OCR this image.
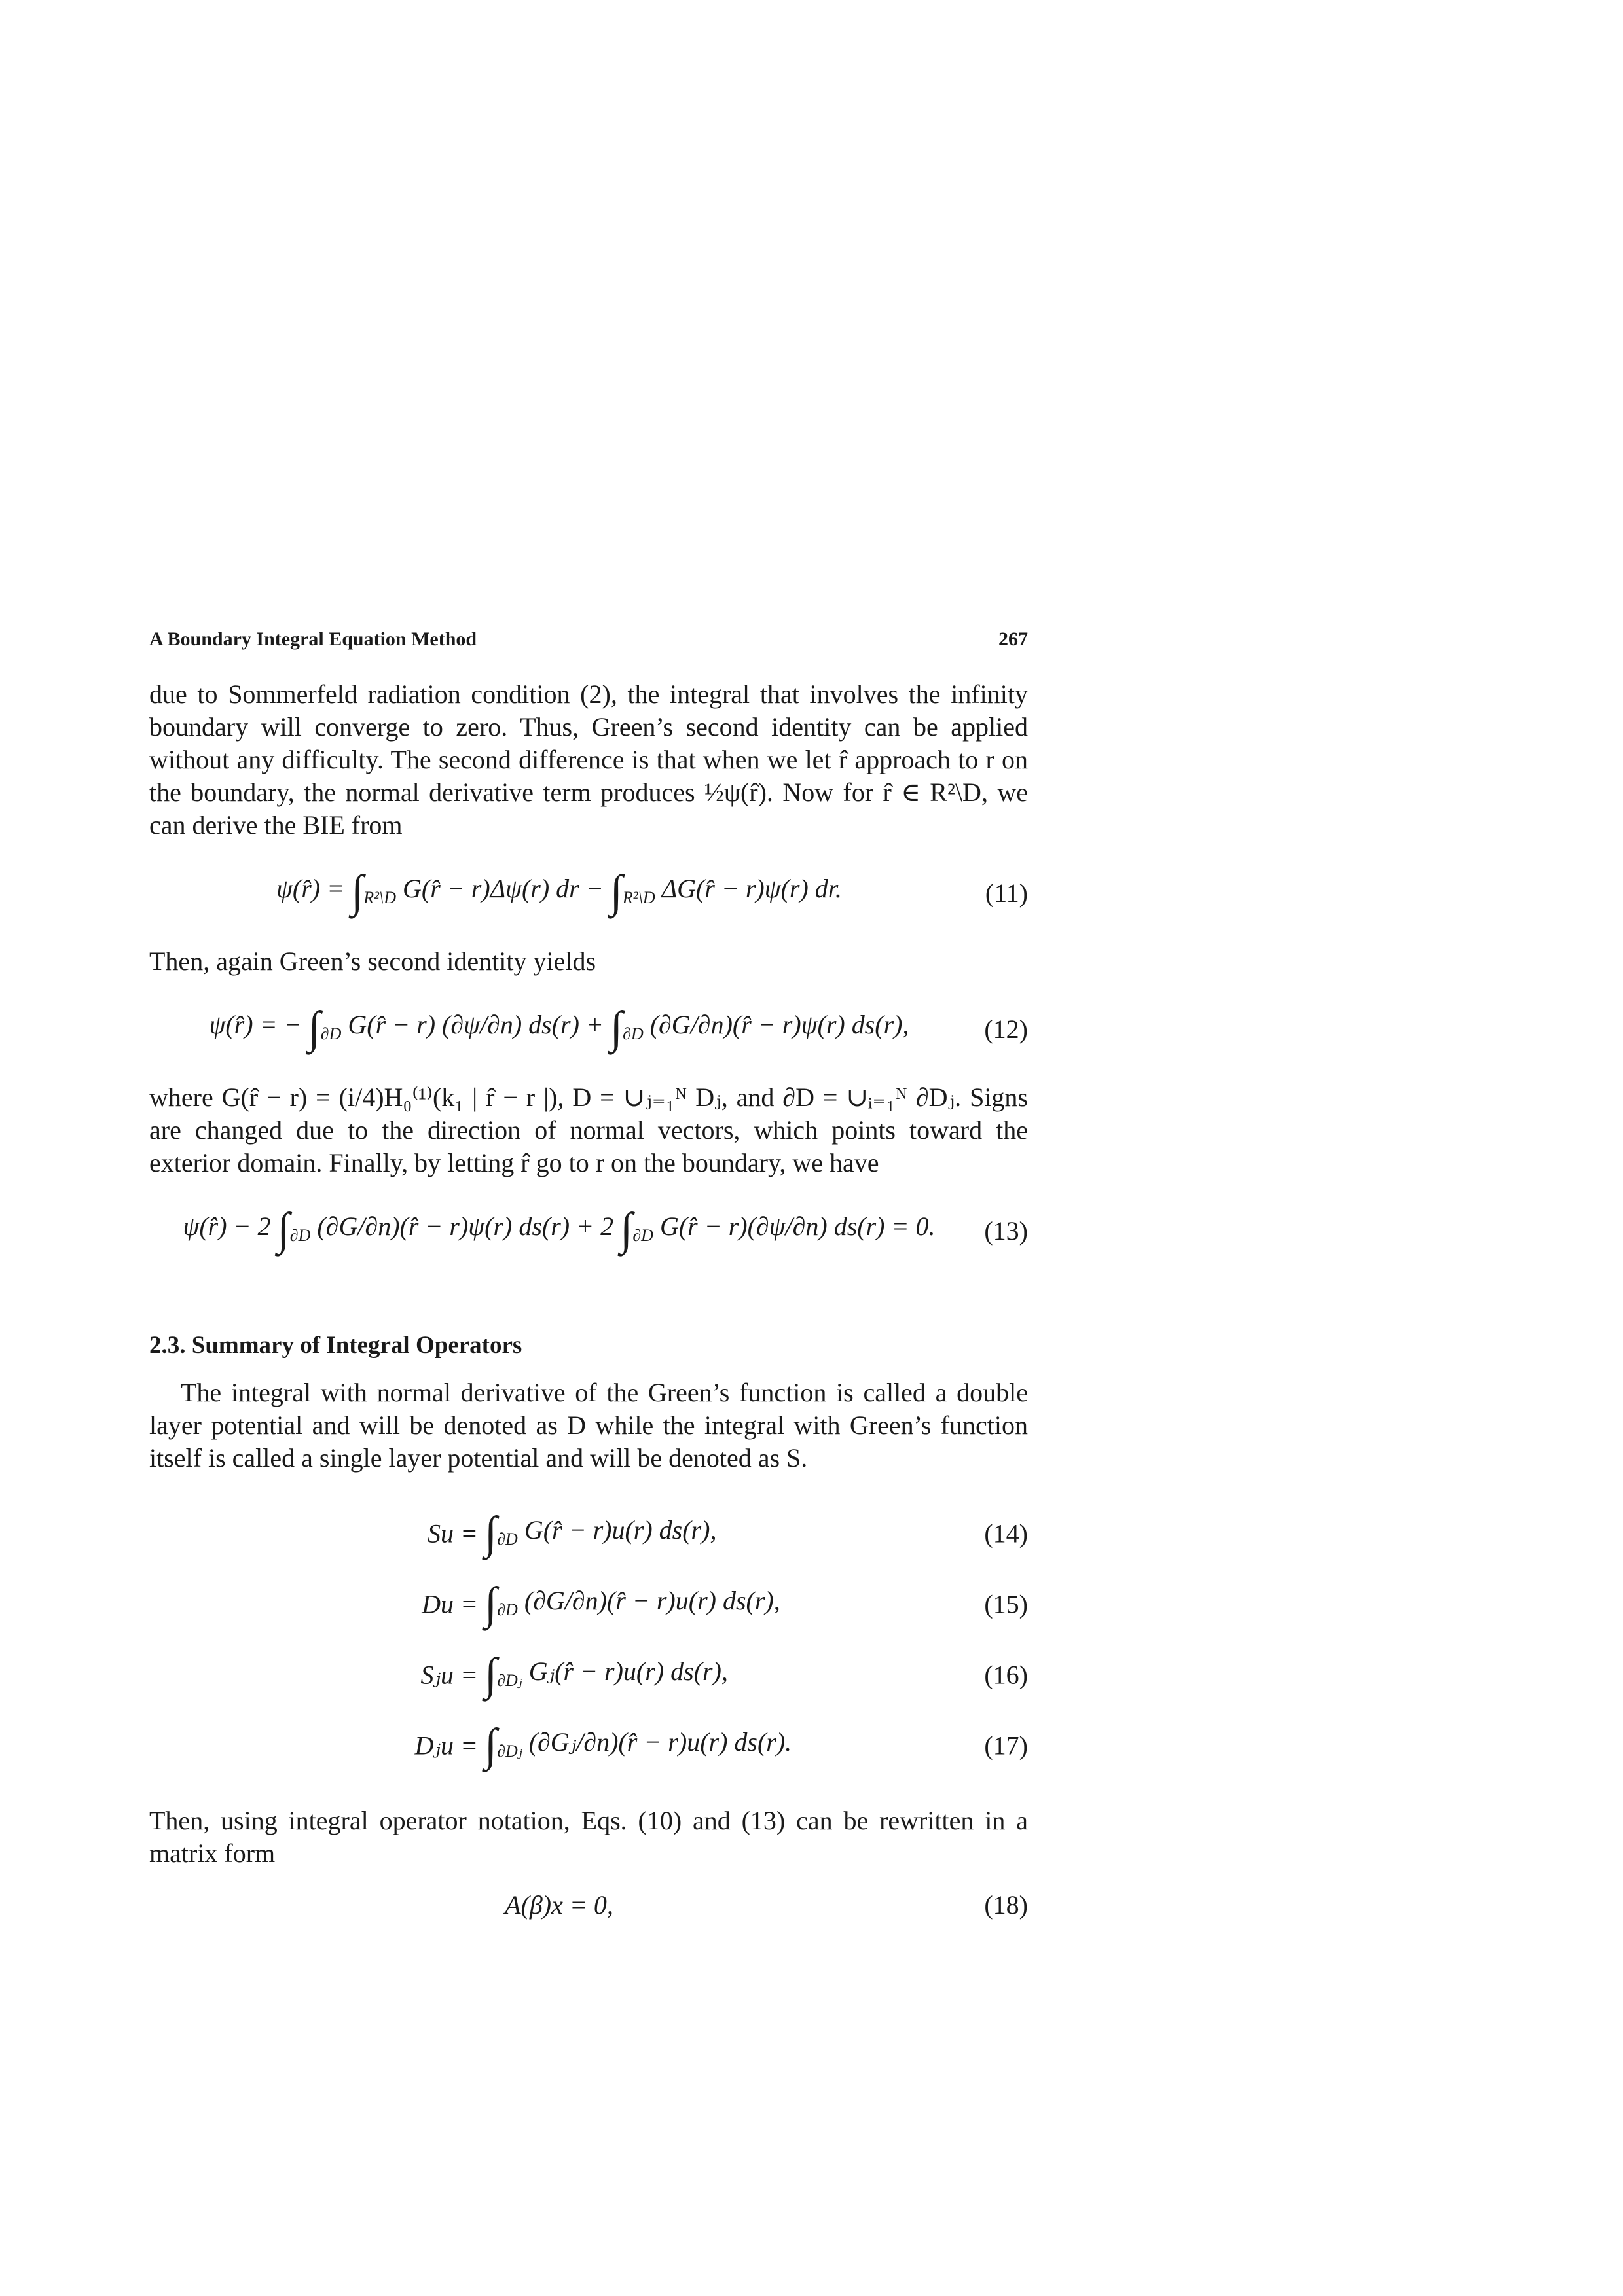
A Boundary Integral Equation Method	267

due to Sommerfeld radiation condition (2), the integral that involves the infinity boundary will converge to zero. Thus, Green’s second identity can be applied without any difficulty. The second difference is that when we let r̂ approach to r on the boundary, the normal derivative term produces ½ψ(r̂). Now for r̂ ∈ R²\D, we can derive the BIE from

ψ(r̂) = $\int_{R^2\backslash D}$ G(r̂ − r)Δψ(r) dr − $\int_{R^2\backslash D}$ ΔG(r̂ − r)ψ(r) dr.	(11)

Then, again Green’s second identity yields

ψ(r̂) = − $\int_{\partial D}$ G(r̂ − r) (∂ψ/∂n) $ds(r) + \int_{\partial D}$ (∂G/∂n)(r̂ − r)ψ(r) ds(r),	(12)

where G(r̂ − r) = (i/4)H₀⁽¹⁾(k₁ | r̂ − r |), D = ∪ⱼ₌₁ᴺ Dⱼ, and ∂D = ∪ᵢ₌₁ᴺ ∂Dⱼ. Signs are changed due to the direction of normal vectors, which points toward the exterior domain. Finally, by letting r̂ go to r on the boundary, we have

ψ(r̂) − 2 $\int_{\partial D}$ (∂G/∂n)(r̂ − r)ψ(r) ds(r) + 2 $\int_{\partial D}$ G(r̂ − r)(∂ψ/∂n) ds(r) = 0.	(13)
2.3. Summary of Integral Operators

The integral with normal derivative of the Green’s function is called a double layer potential and will be denoted as D while the integral with Green’s function itself is called a single layer potential and will be denoted as S.

$Su = \int_{\partial D}$ G(r̂ − r)u(r) ds(r),	(14)
$Du = \int_{\partial D}$ (∂G/∂n)(r̂ − r)u(r) ds(r),	(15)
Sⱼu = $\int_{\partial Dⱼ}$ Gⱼ(r̂ − r)u(r) ds(r),	(16)
Dⱼu = $\int_{\partial Dⱼ}$ (∂Gⱼ/∂n)(r̂ − r)u(r) ds(r).	(17)

Then, using integral operator notation, Eqs. (10) and (13) can be rewritten in a matrix form

A(β)x = 0,	(18)
